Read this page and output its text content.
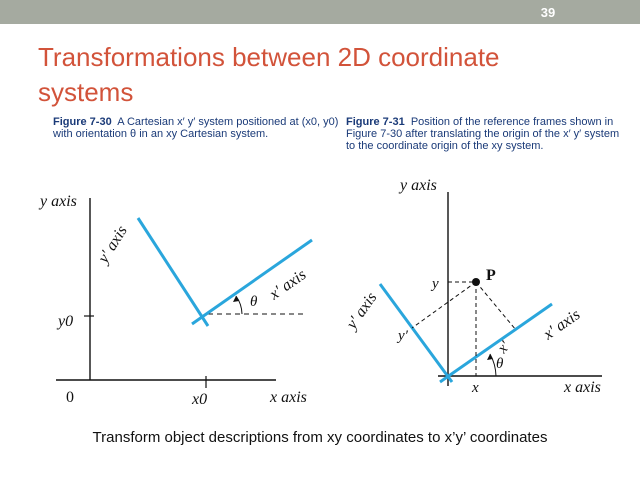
39
Transformations between 2D coordinate systems
Figure 7-30 A Cartesian x′ y′ system positioned at (x0, y0) with orientation θ in an xy Cartesian system.
Figure 7-31 Position of the reference frames shown in Figure 7-30 after translating the origin of the x′ y′ system to the coordinate origin of the xy system.
y axis
x axis
y′ axis
x′ axis
θ
y0
x0
0
y axis
x axis
y′ axis	x′ axis
P
y
x
y′
x′
θ
Transform object descriptions from xy coordinates to x’y’ coordinates
